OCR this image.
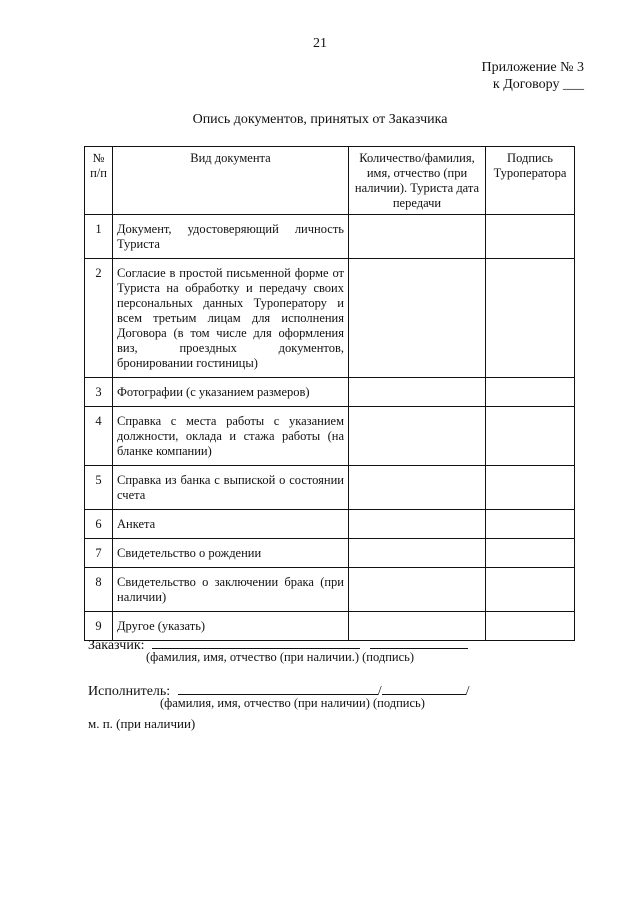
21
Приложение № 3
к Договору ___
Опись документов, принятых от Заказчика
№ п/п	Вид документа	Количество/фамилия, имя, отчество (при наличии). Туриста дата передачи	Подпись Туроператора
1	Документ, удостоверяющий личность Туриста		
2	Согласие в простой письменной форме от Туриста на обработку и передачу своих персональных данных Туроператору и всем третьим лицам для исполнения Договора (в том числе для оформления виз, проездных документов, бронировании гостиницы)		
3	Фотографии (с указанием размеров)		
4	Справка с места работы с указанием должности, оклада и стажа работы (на бланке компании)		
5	Справка из банка с выпиской о состоянии счета		
6	Анкета		
7	Свидетельство о рождении		
8	Свидетельство о заключении брака (при наличии)		
9	Другое (указать)		
Заказчик:
(фамилия, имя, отчество (при наличии.) (подпись)
Исполнитель:	/	/
(фамилия, имя, отчество (при наличии) (подпись)
м. п. (при наличии)
